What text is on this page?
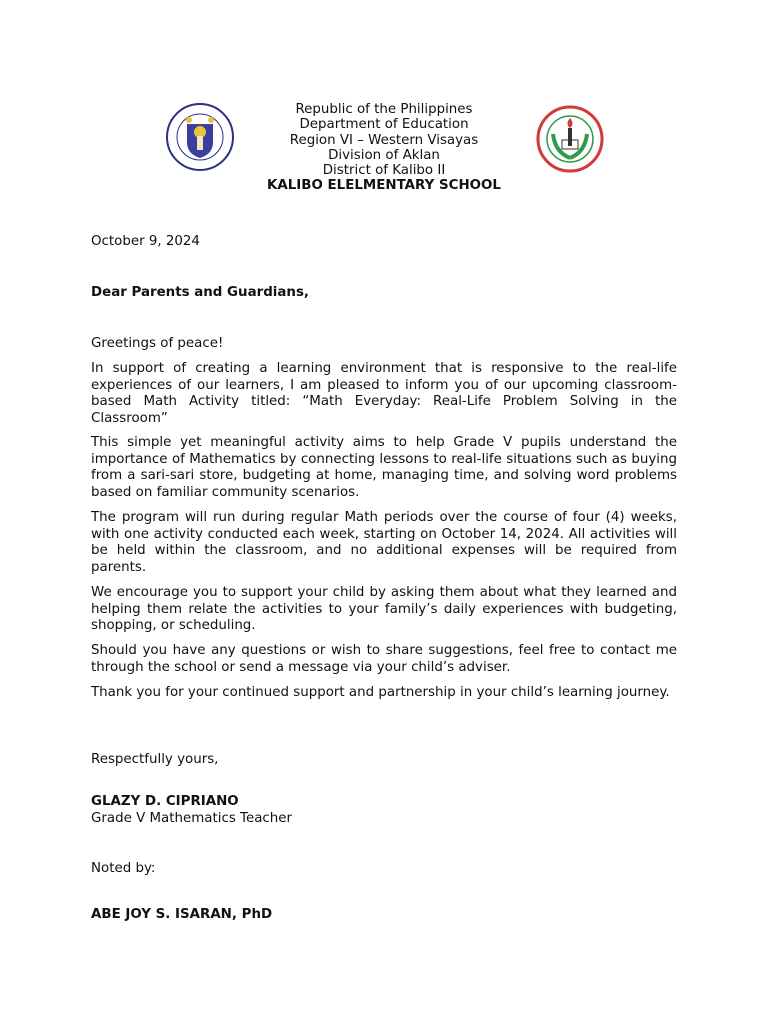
Republic of the Philippines
Department of Education
Region VI – Western Visayas
Division of Aklan
District of Kalibo II
KALIBO ELELMENTARY SCHOOL
October 9, 2024
Dear Parents and Guardians,
Greetings of peace!

In support of creating a learning environment that is responsive to the real-life experiences of our learners, I am pleased to inform you of our upcoming classroom-based Math Activity titled: “Math Everyday: Real-Life Problem Solving in the Classroom”

This simple yet meaningful activity aims to help Grade V pupils understand the importance of Mathematics by connecting lessons to real-life situations such as buying from a sari-sari store, budgeting at home, managing time, and solving word problems based on familiar community scenarios.

The program will run during regular Math periods over the course of four (4) weeks, with one activity conducted each week, starting on October 14, 2024. All activities will be held within the classroom, and no additional expenses will be required from parents.

We encourage you to support your child by asking them about what they learned and helping them relate the activities to your family’s daily experiences with budgeting, shopping, or scheduling.

Should you have any questions or wish to share suggestions, feel free to contact me through the school or send a message via your child’s adviser.

Thank you for your continued support and partnership in your child’s learning journey.

Respectfully yours,
GLAZY D. CIPRIANO
Grade V Mathematics Teacher
Noted by:
ABE JOY S. ISARAN, PhD
